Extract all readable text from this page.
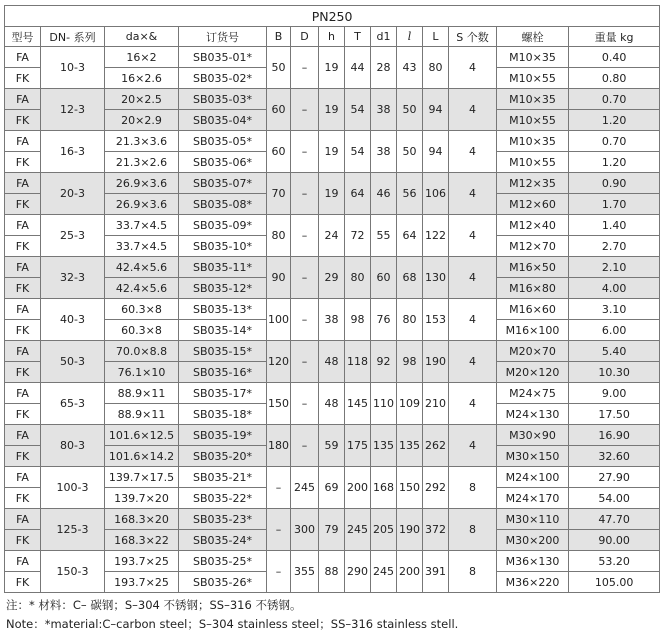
PN250													
型号	DN- 系列	da×&	订货号	B	D	h	T	d1	l	L	S 个数	螺栓	重量 kg
FA	10-3	16×2	SB035-01*	50	–	19	44	28	43	80	4	M10×35	0.40
FK		16×2.6	SB035-02*									M10×55	0.80
FA	12-3	20×2.5	SB035-03*	60	–	19	54	38	50	94	4	M10×35	0.70
FK		20×2.9	SB035-04*									M10×55	1.20
FA	16-3	21.3×3.6	SB035-05*	60	–	19	54	38	50	94	4	M10×35	0.70
FK		21.3×2.6	SB035-06*									M10×55	1.20
FA	20-3	26.9×3.6	SB035-07*	70	–	19	64	46	56	106	4	M12×35	0.90
FK		26.9×3.6	SB035-08*									M12×60	1.70
FA	25-3	33.7×4.5	SB035-09*	80	–	24	72	55	64	122	4	M12×40	1.40
FK		33.7×4.5	SB035-10*									M12×70	2.70
FA	32-3	42.4×5.6	SB035-11*	90	–	29	80	60	68	130	4	M16×50	2.10
FK		42.4×5.6	SB035-12*									M16×80	4.00
FA	40-3	60.3×8	SB035-13*	100	–	38	98	76	80	153	4	M16×60	3.10
FK		60.3×8	SB035-14*									M16×100	6.00
FA	50-3	70.0×8.8	SB035-15*	120	–	48	118	92	98	190	4	M20×70	5.40
FK		76.1×10	SB035-16*									M20×120	10.30
FA	65-3	88.9×11	SB035-17*	150	–	48	145	110	109	210	4	M24×75	9.00
FK		88.9×11	SB035-18*									M24×130	17.50
FA	80-3	101.6×12.5	SB035-19*	180	–	59	175	135	135	262	4	M30×90	16.90
FK		101.6×14.2	SB035-20*									M30×150	32.60
FA	100-3	139.7×17.5	SB035-21*	–	245	69	200	168	150	292	8	M24×100	27.90
FK		139.7×20	SB035-22*									M24×170	54.00
FA	125-3	168.3×20	SB035-23*	–	300	79	245	205	190	372	8	M30×110	47.70
FK		168.3×22	SB035-24*									M30×200	90.00
FA	150-3	193.7×25	SB035-25*	–	355	88	290	245	200	391	8	M36×130	53.20
FK		193.7×25	SB035-26*									M36×220	105.00
注：* 材料：C– 碳钢；S–304 不锈钢；SS–316 不锈钢。
Note：*material:C–carbon steel；S–304 stainless steel；SS–316 stainless stell.
